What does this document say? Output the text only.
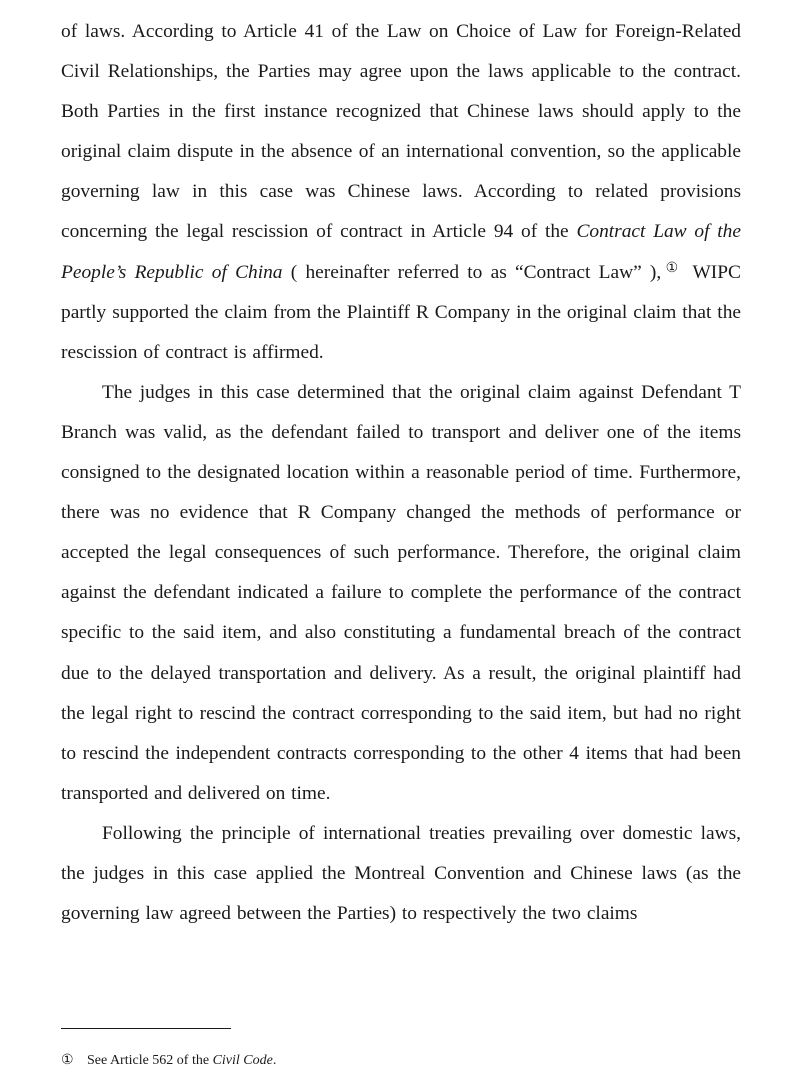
of laws. According to Article 41 of the Law on Choice of Law for Foreign-Related Civil Relationships, the Parties may agree upon the laws applicable to the contract. Both Parties in the first instance recognized that Chinese laws should apply to the original claim dispute in the absence of an international convention, so the applicable governing law in this case was Chinese laws. According to related provisions concerning the legal rescission of contract in Article 94 of the Contract Law of the People’s Republic of China ( hereinafter referred to as “Contract Law” ), ① WIPC partly supported the claim from the Plaintiff R Company in the original claim that the rescission of contract is affirmed.

The judges in this case determined that the original claim against Defendant T Branch was valid, as the defendant failed to transport and deliver one of the items consigned to the designated location within a reasonable period of time. Furthermore, there was no evidence that R Company changed the methods of performance or accepted the legal consequences of such performance. Therefore, the original claim against the defendant indicated a failure to complete the performance of the contract specific to the said item, and also constituting a fundamental breach of the contract due to the delayed transportation and delivery. As a result, the original plaintiff had the legal right to rescind the contract corresponding to the said item, but had no right to rescind the independent contracts corresponding to the other 4 items that had been transported and delivered on time.

Following the principle of international treaties prevailing over domestic laws, the judges in this case applied the Montreal Convention and Chinese laws (as the governing law agreed between the Parties) to respectively the two claims

① See Article 562 of the Civil Code.
